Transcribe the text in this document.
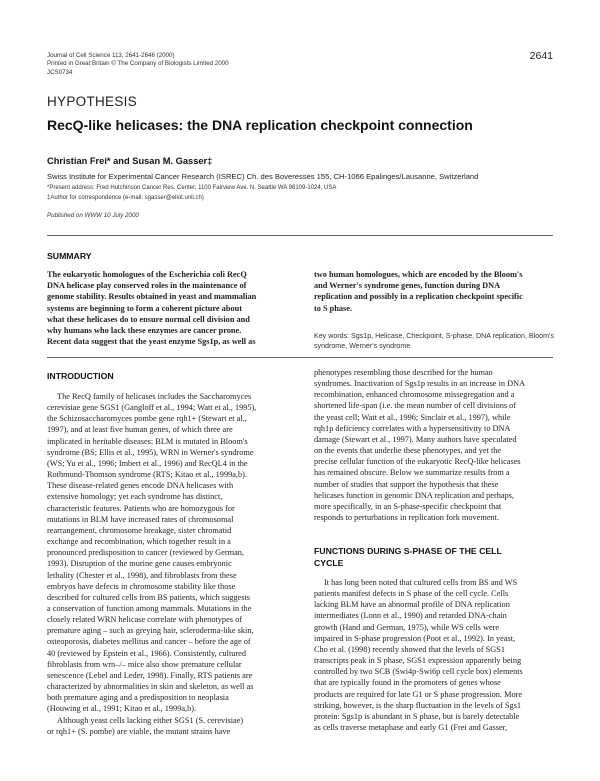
Journal of Cell Science 113, 2641-2646 (2000)
Printed in Great Britain © The Company of Biologists Limited 2000
JCS0734
2641
HYPOTHESIS
RecQ-like helicases: the DNA replication checkpoint connection
Christian Frei* and Susan M. Gasser‡
Swiss Institute for Experimental Cancer Research (ISREC) Ch. des Boveresses 155, CH-1066 Epalinges/Lausanne, Switzerland
*Present address: Fred Hutchinson Cancer Res. Center, 1100 Fairview Ave. N. Seattle WA 98109-1024, USA
‡Author for correspondence (e-mail: sgasser@eliot.unil.ch)
Published on WWW 10 July 2000
SUMMARY
The eukaryotic homologues of the Escherichia coli RecQ
DNA helicase play conserved roles in the maintenance of
genome stability. Results obtained in yeast and mammalian
systems are beginning to form a coherent picture about
what these helicases do to ensure normal cell division and
why humans who lack these enzymes are cancer prone.
Recent data suggest that the yeast enzyme Sgs1p, as well as
two human homologues, which are encoded by the Bloom's
and Werner's syndrome genes, function during DNA
replication and possibly in a replication checkpoint specific
to S phase.
Key words: Sgs1p, Helicase, Checkpoint, S-phase, DNA replication, Bloom's syndrome, Werner's syndrome
INTRODUCTION
The RecQ family of helicases includes the Saccharomyces
cerevisiae gene SGS1 (Gangloff et al., 1994; Watt et al., 1995),
the Schizosaccharomyces pombe gene rqh1+ (Stewart et al.,
1997), and at least five human genes, of which three are
implicated in heritable diseases: BLM is mutated in Bloom's
syndrome (BS; Ellis et al., 1995), WRN in Werner's syndrome
(WS; Yu et al., 1996; Imbert et al., 1996) and RecQL4 in the
Rothmund-Thomson syndrome (RTS; Kitao et al., 1999a,b).
These disease-related genes encode DNA helicases with
extensive homology; yet each syndrome has distinct,
characteristic features. Patients who are homozygous for
mutations in BLM have increased rates of chromosomal
rearrangement, chromosome breakage, sister chromatid
exchange and recombination, which together result in a
pronounced predisposition to cancer (reviewed by German,
1993). Disruption of the murine gene causes embryonic
lethality (Chester et al., 1998), and fibroblasts from these
embryos have defects in chromosome stability like those
described for cultured cells from BS patients, which suggests
a conservation of function among mammals. Mutations in the
closely related WRN helicase correlate with phenotypes of
premature aging – such as greying hair, scleroderma-like skin,
osteoporosis, diabetes mellitus and cancer – before the age of
40 (reviewed by Epstein et al., 1966). Consistently, cultured
fibroblasts from wrn–/– mice also show premature cellular
senescence (Lebel and Leder, 1998). Finally, RTS patients are
characterized by abnormalities in skin and skeleton, as well as
both premature aging and a predisposition to neoplasia
(Houwing et al., 1991; Kitao et al., 1999a,b).
Although yeast cells lacking either SGS1 (S. cerevisiae)
or rqh1+ (S. pombe) are viable, the mutant strains have
phenotypes resembling those described for the human
syndromes. Inactivation of Sgs1p results in an increase in DNA
recombination, enhanced chromosome missegregation and a
shortened life-span (i.e. the mean number of cell divisions of
the yeast cell; Watt et al., 1996; Sinclair et al., 1997), while
rqh1p deficiency correlates with a hypersensitivity to DNA
damage (Stewart et al., 1997). Many authors have speculated
on the events that underlie these phenotypes, and yet the
precise cellular function of the eukaryotic RecQ-like helicases
has remained obscure. Below we summarize results from a
number of studies that support the hypothesis that these
helicases function in genomic DNA replication and perhaps,
more specifically, in an S-phase-specific checkpoint that
responds to perturbations in replication fork movement.
FUNCTIONS DURING S-PHASE OF THE CELL
CYCLE
It has long been noted that cultured cells from BS and WS
patients manifest defects in S phase of the cell cycle. Cells
lacking BLM have an abnormal profile of DNA replication
intermediates (Lonn et al., 1990) and retarded DNA-chain
growth (Hand and German, 1975), while WS cells were
impaired in S-phase progression (Poot et al., 1992). In yeast,
Cho et al. (1998) recently showed that the levels of SGS1
transcripts peak in S phase, SGS1 expression apparently being
controlled by two SCB (Swi4p-Swi6p cell cycle box) elements
that are typically found in the promoters of genes whose
products are required for late G1 or S phase progression. More
striking, however, is the sharp fluctuation in the levels of Sgs1
protein: Sgs1p is abundant in S phase, but is barely detectable
as cells traverse metaphase and early G1 (Frei and Gasser,
